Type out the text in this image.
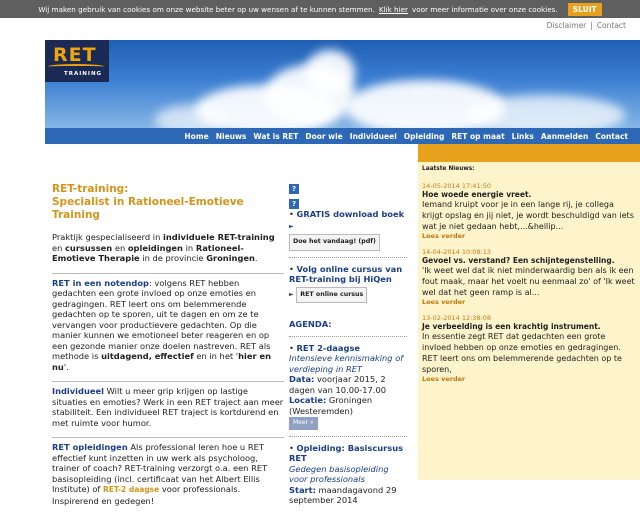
Wij maken gebruik van cookies om onze website beter op uw wensen af te kunnen stemmen. Klik hier voor meer informatie over onze cookies.	SLUIT
Disclaimer | Contact
RET
TRAINING
Home Nieuws Wat is RET Door wie Individueel Opleiding RET op maat Links Aanmelden Contact
RET-training:
Specialist in Rationeel-Emotieve Training

Praktijk gespecialiseerd in individuele RET-training en cursussen en opleidingen in Rationeel-Emotieve Therapie in de provincie Groningen.

RET in een notendop: volgens RET hebben gedachten een grote invloed op onze emoties en gedragingen. RET leert ons om belemmerende gedachten op te sporen, uit te dagen en om ze te vervangen voor productievere gedachten. Op die manier kunnen we emotioneel beter reageren en op een gezonde manier onze doelen nastreven. RET als methode is uitdagend, effectief en in het 'hier en nu'.

Individueel Wilt u meer grip krijgen op lastige situaties en emoties? Werk in een RET traject aan meer stabiliteit. Een individueel RET traject is kortdurend en met ruimte voor humor.

RET opleidingen Als professional leren hoe u RET effectief kunt inzetten in uw werk als psycholoog, trainer of coach? RET-training verzorgt o.a. een RET basisopleiding (incl. certificaat van het Albert Ellis Institute) of RET-2 daagse voor professionals. Inspirerend en gedegen!

?
?
• GRATIS download boek ►
Doe het vandaag! (pdf)
• Volg online cursus van RET-training bij HiQen
► RET online cursus
AGENDA:
• RET 2-daagse
Intensieve kennismaking of verdieping in RET
Data: voorjaar 2015, 2 dagen van 10.00-17.00
Locatie: Groningen (Westeremden)
Meer »
• Opleiding: Basiscursus RET
Gedegen basisopleiding voor professionals
Start: maandagavond 29 september 2014
Laatste Nieuws:
14-05-2014 17:41:50
Hoe woede energie vreet.
Iemand kruipt voor je in een lange rij, je collega krijgt opslag en jij niet, je wordt beschuldigd van iets wat je niet gedaan hebt,...&hellip...
Lees verder
14-04-2014 10:08:13
Gevoel vs. verstand? Een schijntegenstelling.
'Ik weet wel dat ik niet minderwaardig ben als ik een fout maak, maar het voelt nu eenmaal zo' of 'Ik weet wel dat het geen ramp is al...
Lees verder
13-02-2014 12:38:08
Je verbeelding is een krachtig instrument.
In essentie zegt RET dat gedachten een grote invloed hebben op onze emoties en gedragingen. RET leert ons om belemmerende gedachten op te sporen,
Lees verder
